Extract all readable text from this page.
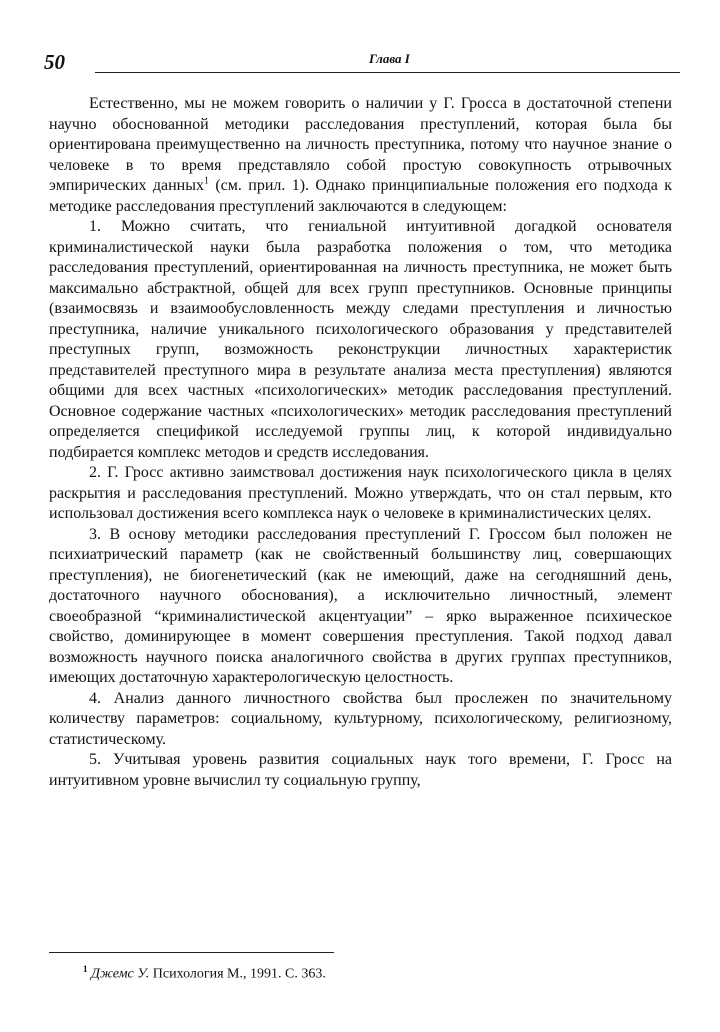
50	Глава I

Естественно, мы не можем говорить о наличии у Г. Гросса в достаточной степени научно обоснованной методики расследования преступлений, которая была бы ориентирована преимущественно на личность преступника, потому что научное знание о человеке в то время представляло собой простую совокупность отрывочных эмпирических данных$^1$ (см. прил. 1). Однако принципиальные положения его подхода к методике расследования преступлений заключаются в следующем:

1. Можно считать, что гениальной интуитивной догадкой основателя криминалистической науки была разработка положения о том, что методика расследования преступлений, ориентированная на личность преступника, не может быть максимально абстрактной, общей для всех групп преступников. Основные принципы (взаимосвязь и взаимообусловленность между следами преступления и личностью преступника, наличие уникального психологического образования у представителей преступных групп, возможность реконструкции личностных характеристик представителей преступного мира в результате анализа места преступления) являются общими для всех частных «психологических» методик расследования преступлений. Основное содержание частных «психологических» методик расследования преступлений определяется спецификой исследуемой группы лиц, к которой индивидуально подбирается комплекс методов и средств исследования.

2. Г. Гросс активно заимствовал достижения наук психологического цикла в целях раскрытия и расследования преступлений. Можно утверждать, что он стал первым, кто использовал достижения всего комплекса наук о человеке в криминалистических целях.

3. В основу методики расследования преступлений Г. Гроссом был положен не психиатрический параметр (как не свойственный большинству лиц, совершающих преступления), не биогенетический (как не имеющий, даже на сегодняшний день, достаточного научного обоснования), а исключительно личностный, элемент своеобразной “криминалистической акцентуации” – ярко выраженное психическое свойство, доминирующее в момент совершения преступления. Такой подход давал возможность научного поиска аналогичного свойства в других группах преступников, имеющих достаточную характерологическую целостность.

4. Анализ данного личностного свойства был прослежен по значительному количеству параметров: социальному, культурному, психологическому, религиозному, статистическому.

5. Учитывая уровень развития социальных наук того времени, Г. Гросс на интуитивном уровне вычислил ту социальную группу,

$^1$ Джемс У. Психология М., 1991. С. 363.
